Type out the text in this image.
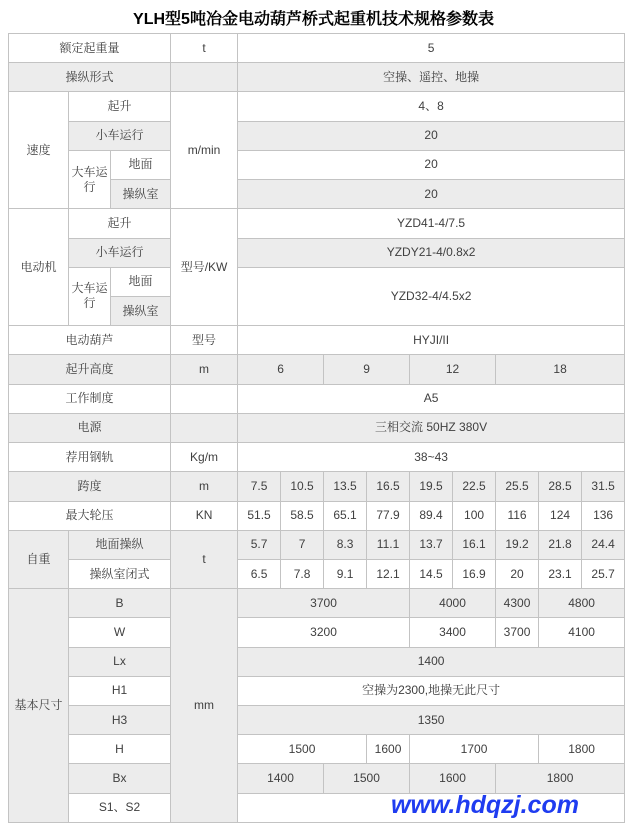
YLH型5吨冶金电动葫芦桥式起重机技术规格参数表
额定起重量			t	5								
操纵形式				空操、遥控、地操								
速度	起升		m/min	4、8								
	小车运行			20								
	大车运行	地面		20								
		操纵室		20								
电动机	起升		型号/KW	YZD41-4/7.5								
	小车运行			YZDY21-4/0.8x2								
	大车运行	地面		YZD32-4/4.5x2								
		操纵室										
电动葫芦			型号	HYJI/II								
起升高度			m	6		9		12		18		
工作制度				A5								
电源				三相交流 50HZ 380V								
荐用钢轨			Kg/m	38~43								
跨度			m	7.5	10.5	13.5	16.5	19.5	22.5	25.5	28.5	31.5
最大轮压			KN	51.5	58.5	65.1	77.9	89.4	100	116	124	136
自重	地面操纵		t	5.7	7	8.3	11.1	13.7	16.1	19.2	21.8	24.4
	操纵室闭式			6.5	7.8	9.1	12.1	14.5	16.9	20	23.1	25.7
基本尺寸	B		mm	3700				4000		4300	4800	
	W			3200				3400		3700	4100	
	Lx			1400								
	H1			空操为2300,地操无此尺寸								
	H3			1350								
	H			1500			1600	1700			1800	
	Bx			1400		1500		1600		1800		
	S1、S2												www.hdqzj.com
